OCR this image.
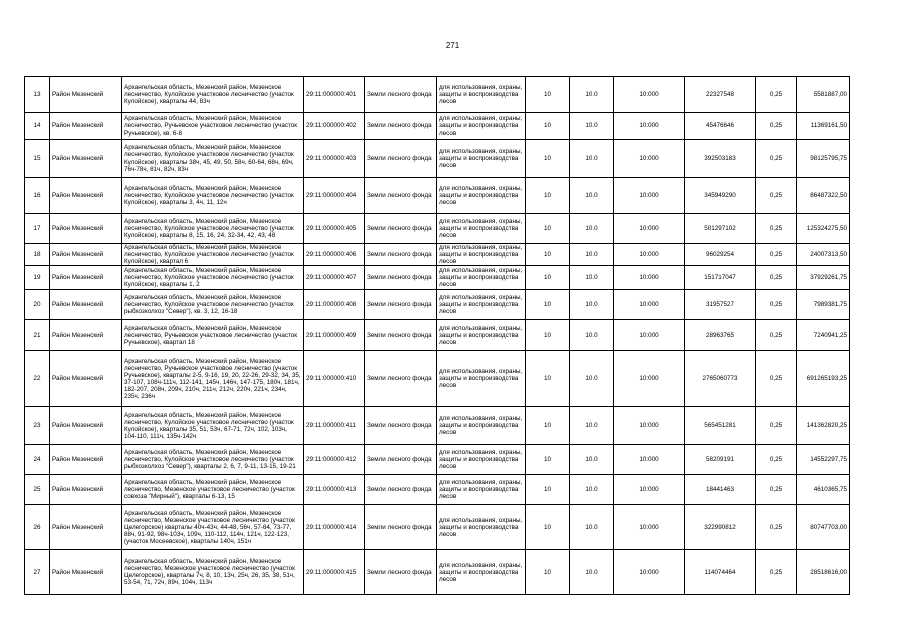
271
13	Район Мезенский	Архангельская область, Мезенский район, Мезенское лесничество, Кулойское участковое лесничество (участок Кулойское), кварталы 44, 83ч	29:11:000000:401	Земли лесного фонда	для использования, охраны, защиты и воспроизводства лесов	10	10.0	10:000	22327548	0,25	5581887,00
14	Район Мезенский	Архангельская область, Мезенский район, Мезенское лесничество, Ручьевское участковое лесничество (участок Ручьевское), кв. 6-8	29:11:000000:402	Земли лесного фонда	для использования, охраны, защиты и воспроизводства лесов	10	10.0	10:000	45476646	0,25	11369161,50
15	Район Мезенский	Архангельская область, Мезенский район, Мезенское лесничество, Кулойское участковое лесничество (участок Кулойское), кварталы 38ч, 45, 49, 50, 58ч, 60-64, 68ч, 69ч, 76ч-78ч, 81ч, 82ч, 83ч	29:11:000000:403	Земли лесного фонда	для использования, охраны, защиты и воспроизводства лесов	10	10.0	10:000	392503183	0,25	98125795,75
16	Район Мезенский	Архангельская область, Мезенский район, Мезенское лесничество, Кулойское участковое лесничество (участок Кулойское), кварталы 3, 4ч, 11, 12ч	29:11:000000:404	Земли лесного фонда	для использования, охраны, защиты и воспроизводства лесов	10	10.0	10:000	345949290	0,25	86487322,50
17	Район Мезенский	Архангельская область, Мезенский район, Мезенское лесничество, Кулойское участковое лесничество (участок Кулойское), кварталы 8, 15, 16, 24, 32-34, 42, 43, 48	29:11:000000:405	Земли лесного фонда	для использования, охраны, защиты и воспроизводства лесов	10	10.0	10:000	501297102	0,25	125324275,50
18	Район Мезенский	Архангельская область, Мезенский район, Мезенское лесничество, Кулойское участковое лесничество (участок Кулойское), квартал 6	29:11:000000:406	Земли лесного фонда	для использования, охраны, защиты и воспроизводства лесов	10	10.0	10:000	96029254	0,25	24007313,50
19	Район Мезенский	Архангельская область, Мезенский район, Мезенское лесничество, Кулойское участковое лесничество (участок Кулойское), кварталы 1, 2	29:11:000000:407	Земли лесного фонда	для использования, охраны, защиты и воспроизводства лесов	10	10.0	10:000	151717047	0,25	37929261,75
20	Район Мезенский	Архангельская область, Мезенский район, Мезенское лесничество, Кулойское участковое лесничество (участок рыбхозколхоз "Север"), кв. 3, 12, 16-18	29:11:000000:408	Земли лесного фонда	для использования, охраны, защиты и воспроизводства лесов	10	10.0	10:000	31957527	0,25	7989381,75
21	Район Мезенский	Архангельская область, Мезенский район, Мезенское лесничество, Ручьевское участковое лесничество (участок Ручьевское), квартал 18	29:11:000000:409	Земли лесного фонда	для использования, охраны, защиты и воспроизводства лесов	10	10.0	10:000	28963765	0,25	7240941,25
22	Район Мезенский	Архангельская область, Мезенский район, Мезенское лесничество, Ручьевское участковое лесничество (участок Ручьевское), кварталы 2-5, 9-16, 19, 20, 22-26, 29-32, 34, 35, 37-107, 108ч-111ч, 112-141, 145ч, 146ч, 147-175, 180ч, 181ч, 182-207, 208ч, 209ч, 210ч, 211ч, 212ч, 220ч, 221ч, 234ч, 235ч, 236ч	29:11:000000:410	Земли лесного фонда	для использования, охраны, защиты и воспроизводства лесов	10	10.0	10:000	2765060773	0,25	691265193,25
23	Район Мезенский	Архангельская область, Мезенский район, Мезенское лесничество, Кулойское участковое лесничество (участок Кулойское), кварталы 35, 51, 53ч, 67-71, 72ч, 102, 103ч, 104-110, 111ч, 135ч-142ч	29:11:000000:411	Земли лесного фонда	для использования, охраны, защиты и воспроизводства лесов	10	10.0	10:000	565451281	0,25	141362820,25
24	Район Мезенский	Архангельская область, Мезенский район, Мезенское лесничество, Кулойское участковое лесничество (участок рыбхозколхоз "Север"), кварталы 2, 6, 7, 9-11, 13-15, 19-21	29:11:000000:412	Земли лесного фонда	для использования, охраны, защиты и воспроизводства лесов	10	10.0	10:000	58209191	0,25	14552297,75
25	Район Мезенский	Архангельская область, Мезенский район, Мезенское лесничество, Мезенское участковое лесничество (участок совхоза "Мирный"), кварталы 6-13, 15	29:11:000000:413	Земли лесного фонда	для использования, охраны, защиты и воспроизводства лесов	10	10.0	10:000	18441463	0,25	4610365,75
26	Район Мезенский	Архангельская область, Мезенский район, Мезенское лесничество, Мезенское участковое лесничество (участок Целегорское) кварталы 40ч-43ч, 44-48, 56ч, 57-64, 73-77, 88ч, 91-92, 98ч-103ч, 109ч, 110-112, 114ч, 121ч, 122-123, (участок Мосеевское), кварталы 140ч, 151ч	29:11:000000:414	Земли лесного фонда	для использования, охраны, защиты и воспроизводства лесов	10	10.0	10:000	322990812	0,25	80747703,00
27	Район Мезенский	Архангельская область, Мезенский район, Мезенское лесничество, Мезенское участковое лесничество (участок Целегорское), кварталы 7ч, 8, 10, 13ч, 25ч, 26, 35, 38, 51ч, 53-54, 71, 72ч, 89ч, 104ч, 113ч	29:11:000000:415	Земли лесного фонда	для использования, охраны, защиты и воспроизводства лесов	10	10.0	10:000	114074464	0,25	28518616,00
